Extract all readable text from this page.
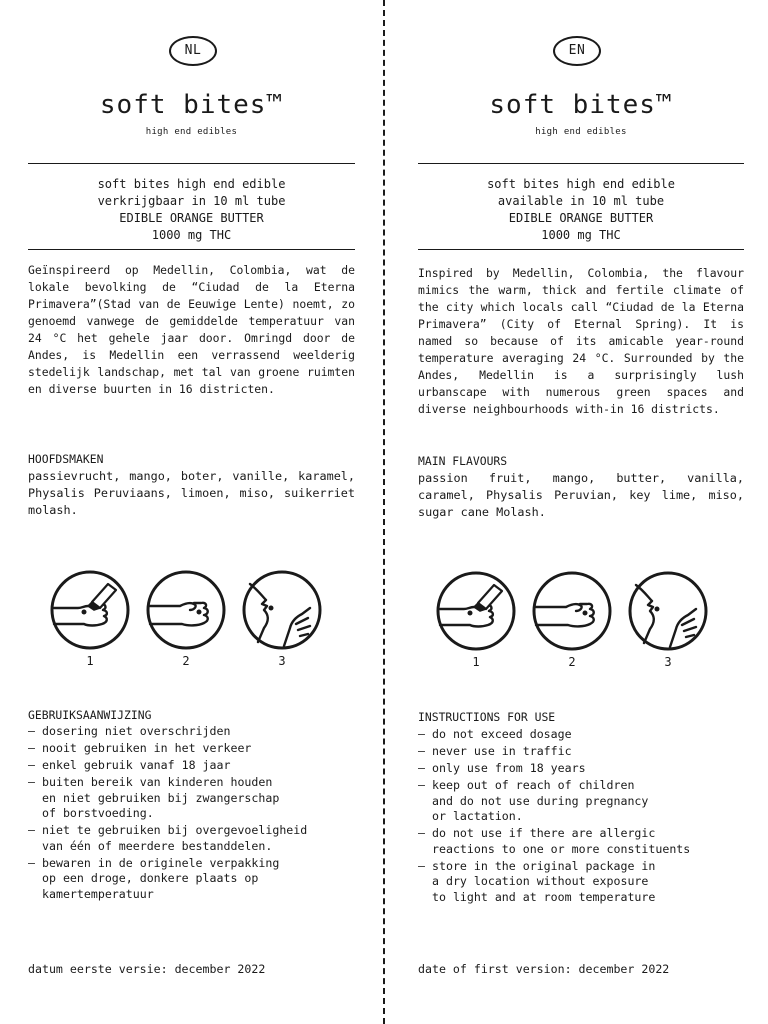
NL
soft bites™
high end edibles
soft bites high end edible
verkrijgbaar in 10 ml tube
EDIBLE ORANGE BUTTER
1000 mg THC

Geïnspireerd op Medellin, Colombia, wat de lokale bevolking de “Ciudad de la Eterna Primavera”(Stad van de Eeuwige Lente) noemt, zo genoemd vanwege de gemiddelde temperatuur van 24 °C het gehele jaar door. Omringd door de Andes, is Medellin een verrassend weelderig stedelijk landschap, met tal van groene ruimten en diverse buurten in 16 districten.

HOOFDSMAKEN

passievrucht, mango, boter, vanille, karamel, Physalis Peruviaans, limoen, miso, suikerriet molash.

1	2	3
GEBRUIKSAANWIJZING
– dosering niet overschrijden
– nooit gebruiken in het verkeer
– enkel gebruik vanaf 18 jaar
– buiten bereik van kinderen houden
en niet gebruiken bij zwangerschap
of borstvoeding.
– niet te gebruiken bij overgevoeligheid
van één of meerdere bestanddelen.
– bewaren in de originele verpakking
op een droge, donkere plaats op
kamertemperatuur
datum eerste versie: december 2022
EN
soft bites™
high end edibles
soft bites high end edible
available in 10 ml tube
EDIBLE ORANGE BUTTER
1000 mg THC

Inspired by Medellin, Colombia, the flavour mimics the warm, thick and fertile climate of the city which locals call “Ciudad de la Eterna Primavera” (City of Eternal Spring). It is named so because of its amicable year-round temperature averaging 24 °C. Surrounded by the Andes, Medellin is a surprisingly lush urbanscape with numerous green spaces and diverse neighbourhoods with-in 16 districts.

MAIN FLAVOURS

passion fruit, mango, butter, vanilla, caramel, Physalis Peruvian, key lime, miso, sugar cane Molash.

1	2	3
INSTRUCTIONS FOR USE
– do not exceed dosage
– never use in traffic
– only use from 18 years
– keep out of reach of children
and do not use during pregnancy
or lactation.
– do not use if there are allergic
reactions to one or more constituents
– store in the original package in
a dry location without exposure
to light and at room temperature
date of first version: december 2022
